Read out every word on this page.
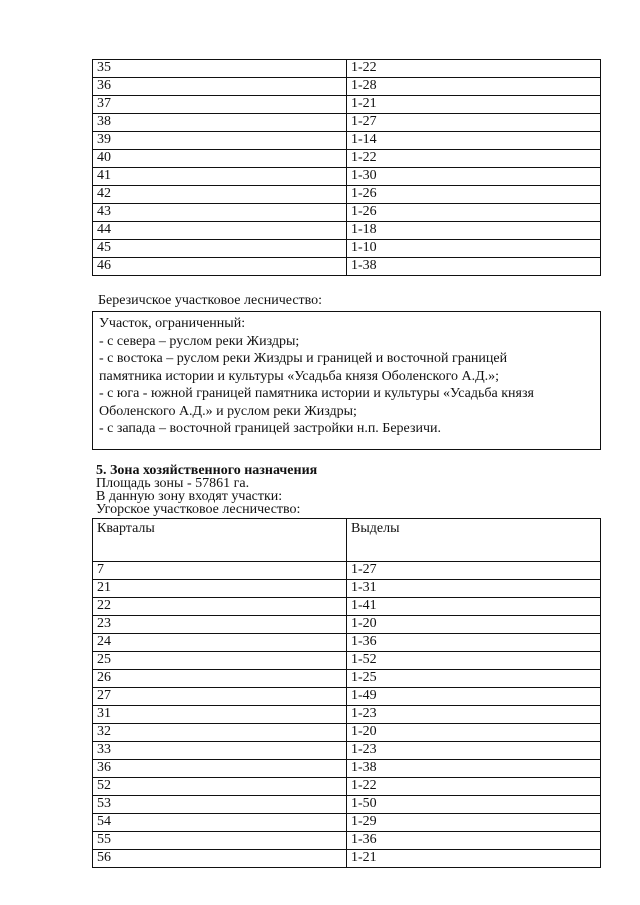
35	1-22
36	1-28
37	1-21
38	1-27
39	1-14
40	1-22
41	1-30
42	1-26
43	1-26
44	1-18
45	1-10
46	1-38
Березичское участковое лесничество:
Участок, ограниченный:
- с севера – руслом реки Жиздры;
- с востока – руслом реки Жиздры и границей и восточной границей
памятника истории и культуры «Усадьба князя Оболенского А.Д.»;
- с юга - южной границей памятника истории и культуры «Усадьба князя
Оболенского А.Д.» и руслом реки Жиздры;
- с запада – восточной границей застройки н.п. Березичи.
5. Зона хозяйственного назначения
Площадь зоны - 57861 га.
В данную зону входят участки:
Угорское участковое лесничество:
Кварталы	Выделы
7	1-27
21	1-31
22	1-41
23	1-20
24	1-36
25	1-52
26	1-25
27	1-49
31	1-23
32	1-20
33	1-23
36	1-38
52	1-22
53	1-50
54	1-29
55	1-36
56	1-21
